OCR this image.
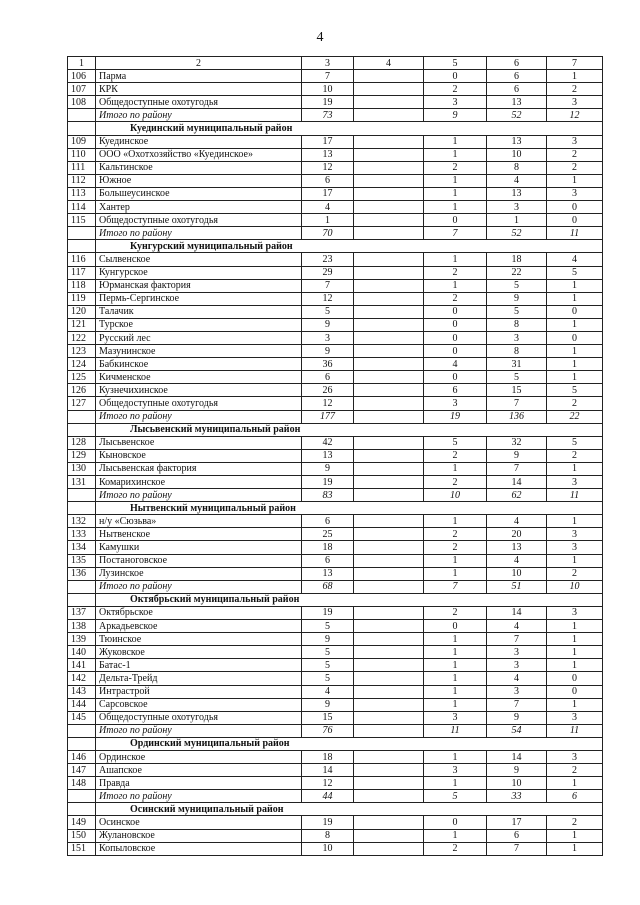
4
1	2	3	4	5	6	7
106	Парма	7		0	6	1
107	КРК	10		2	6	2
108	Общедоступные охотугодья	19		3	13	3
	Итого по району	73		9	52	12
	Куединский муниципальный район					
109	Куединское	17		1	13	3
110	ООО «Охотхозяйство «Куединское»	13		1	10	2
111	Кальтинское	12		2	8	2
112	Южное	6		1	4	1
113	Большеусинское	17		1	13	3
114	Хантер	4		1	3	0
115	Общедоступные охотугодья	1		0	1	0
	Итого по району	70		7	52	11
	Кунгурский муниципальный район					
116	Сылвенское	23		1	18	4
117	Кунгурское	29		2	22	5
118	Юрманская фактория	7		1	5	1
119	Пермь-Сергинское	12		2	9	1
120	Талачик	5		0	5	0
121	Турское	9		0	8	1
122	Русский лес	3		0	3	0
123	Мазунинское	9		0	8	1
124	Бабкинское	36		4	31	1
125	Кичменское	6		0	5	1
126	Кузнечихинское	26		6	15	5
127	Общедоступные охотугодья	12		3	7	2
	Итого по району	177		19	136	22
	Лысьвенский муниципальный район					
128	Лысьвенское	42		5	32	5
129	Кыновское	13		2	9	2
130	Лысьвенская фактория	9		1	7	1
131	Комарихинское	19		2	14	3
	Итого по району	83		10	62	11
	Нытвенский муниципальный район					
132	н/у «Сюзьва»	6		1	4	1
133	Нытвенское	25		2	20	3
134	Камушки	18		2	13	3
135	Постаноговское	6		1	4	1
136	Лузинское	13		1	10	2
	Итого по району	68		7	51	10
	Октябрьский муниципальный район					
137	Октябрьское	19		2	14	3
138	Аркадьевское	5		0	4	1
139	Тюинское	9		1	7	1
140	Жуковское	5		1	3	1
141	Батас-1	5		1	3	1
142	Дельта-Трейд	5		1	4	0
143	Интрастрой	4		1	3	0
144	Сарсовское	9		1	7	1
145	Общедоступные охотугодья	15		3	9	3
	Итого по району	76		11	54	11
	Ординский муниципальный район					
146	Ординское	18		1	14	3
147	Ашапское	14		3	9	2
148	Правда	12		1	10	1
	Итого по району	44		5	33	6
	Осинский муниципальный район					
149	Осинское	19		0	17	2
150	Жулановское	8		1	6	1
151	Копыловское	10		2	7	1
